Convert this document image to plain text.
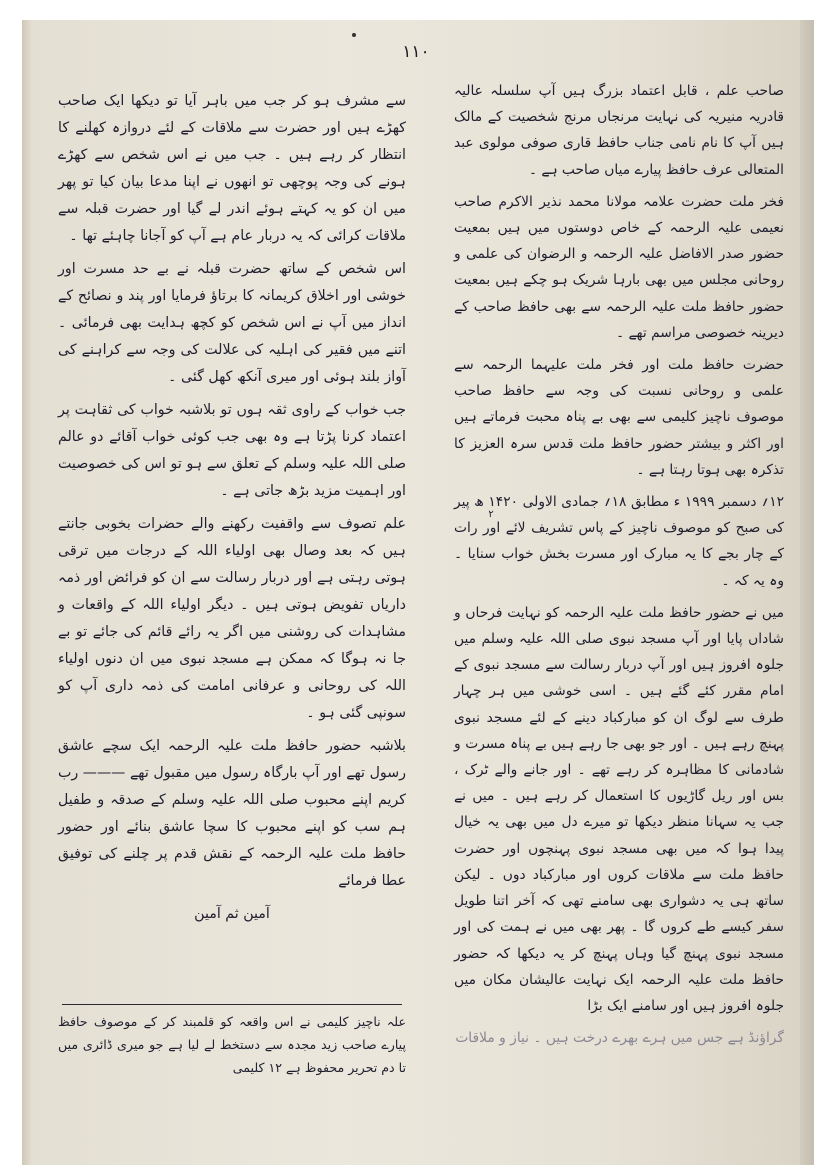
۱۱۰

سے مشرف ہو کر جب میں باہر آیا تو دیکھا ایک صاحب کھڑے ہیں اور حضرت سے ملاقات کے لئے دروازہ کھلنے کا انتظار کر رہے ہیں ۔ جب میں نے اس شخص سے کھڑے ہونے کی وجہ پوچھی تو انھوں نے اپنا مدعا بیان کیا تو پھر میں ان کو یہ کہتے ہوئے اندر لے گیا اور حضرت قبلہ سے ملاقات کرائی کہ یہ دربار عام ہے آپ کو آجانا چاہئے تھا ۔

اس شخص کے ساتھ حضرت قبلہ نے بے حد مسرت اور خوشی اور اخلاق کریمانہ کا برتاؤ فرمایا اور پند و نصائح کے انداز میں آپ نے اس شخص کو کچھ ہدایت بھی فرمائی ۔ اتنے میں فقیر کی اہلیہ کی علالت کی وجہ سے کراہنے کی آواز بلند ہوئی اور میری آنکھ کھل گئی ۔

جب خواب کے راوی ثقہ ہوں تو بلاشبہ خواب کی ثقاہت پر اعتماد کرنا پڑتا ہے وہ بھی جب کوئی خواب آقائے دو عالم صلی اللہ علیہ وسلم کے تعلق سے ہو تو اس کی خصوصیت اور اہمیت مزید بڑھ جاتی ہے ۔

علم تصوف سے واقفیت رکھنے والے حضرات بخوبی جانتے ہیں کہ بعد وصال بھی اولیاء اللہ کے درجات میں ترقی ہوتی رہتی ہے اور دربار رسالت سے ان کو فرائض اور ذمہ داریاں تفویض ہوتی ہیں ۔ دیگر اولیاء اللہ کے واقعات و مشاہدات کی روشنی میں اگر یہ رائے قائم کی جائے تو بے جا نہ ہوگا کہ ممکن ہے مسجد نبوی میں ان دنوں اولیاء اللہ کی روحانی و عرفانی امامت کی ذمہ داری آپ کو سونپی گئی ہو ۔

بلاشبہ حضور حافظ ملت علیہ الرحمہ ایک سچے عاشق رسول تھے اور آپ بارگاہ رسول میں مقبول تھے ——— رب کریم اپنے محبوب صلی اللہ علیہ وسلم کے صدقہ و طفیل ہم سب کو اپنے محبوب کا سچا عاشق بنائے اور حضور حافظ ملت علیہ الرحمہ کے نقش قدم پر چلنے کی توفیق عطا فرمائے

آمین ثم آمین

علہ ناچیز کلیمی نے اس واقعہ کو قلمبند کر کے موصوف حافظ پیارے صاحب زید مجدہ سے دستخط لے لیا ہے جو میری ڈائری میں تا دم تحریر محفوظ ہے ۱۲ کلیمی

صاحب علم ، قابل اعتماد بزرگ ہیں آپ سلسلہ عالیہ قادریہ منیریہ کی نہایت مرنجاں مرنج شخصیت کے مالک ہیں آپ کا نام نامی جناب حافظ قاری صوفی مولوی عبد المتعالی عرف حافظ پیارے میاں صاحب ہے ۔

فخر ملت حضرت علامہ مولانا محمد نذیر الاکرم صاحب نعیمی علیہ الرحمہ کے خاص دوستوں میں ہیں بمعیت حضور صدر الافاضل علیہ الرحمہ و الرضوان کی علمی و روحانی مجلس میں بھی بارہا شریک ہو چکے ہیں بمعیت حضور حافظ ملت علیہ الرحمہ سے بھی حافظ صاحب کے دیرینہ خصوصی مراسم تھے ۔

حضرت حافظ ملت اور فخر ملت علیہما الرحمہ سے علمی و روحانی نسبت کی وجہ سے حافظ صاحب موصوف ناچیز کلیمی سے بھی بے پناہ محبت فرماتے ہیں اور اکثر و بیشتر حضور حافظ ملت قدس سرہ العزیز کا تذکرہ بھی ہوتا رہتا ہے ۔

۱۲؍ دسمبر ۱۹۹۹ ء مطابق ۱۸؍ جمادی الاولی ۱۴۲۰ ھ پیر کی صبح کو موصوف ناچیز کے پاس تشریف لائے اور رات کے چار بجے کا یہ مبارک اور مسرت بخش خواب سنایا ۔ وہ یہ کہ ۔

میں نے حضور حافظ ملت علیہ الرحمہ کو نہایت فرحاں و شاداں پایا اور آپ مسجد نبوی صلی اللہ علیہ وسلم میں جلوہ افروز ہیں اور آپ دربار رسالت سے مسجد نبوی کے امام مقرر کئے گئے ہیں ۔ اسی خوشی میں ہر چہار طرف سے لوگ ان کو مبارکباد دینے کے لئے مسجد نبوی پہنچ رہے ہیں ۔ اور جو بھی جا رہے ہیں بے پناہ مسرت و شادمانی کا مظاہرہ کر رہے تھے ۔ اور جانے والے ٹرک ، بس اور ریل گاڑیوں کا استعمال کر رہے ہیں ۔ میں نے جب یہ سہانا منظر دیکھا تو میرے دل میں بھی یہ خیال پیدا ہوا کہ میں بھی مسجد نبوی پہنچوں اور حضرت حافظ ملت سے ملاقات کروں اور مبارکباد دوں ۔ لیکن ساتھ ہی یہ دشواری بھی سامنے تھی کہ آخر اتنا طویل سفر کیسے طے کروں گا ۔ پھر بھی میں نے ہمت کی اور مسجد نبوی پہنچ گیا وہاں پہنچ کر یہ دیکھا کہ حضور حافظ ملت علیہ الرحمہ ایک نہایت عالیشان مکان میں جلوہ افروز ہیں اور سامنے ایک بڑا

گراؤنڈ ہے جس میں ہرے بھرے درخت ہیں ۔ نیاز و ملاقات

۲
